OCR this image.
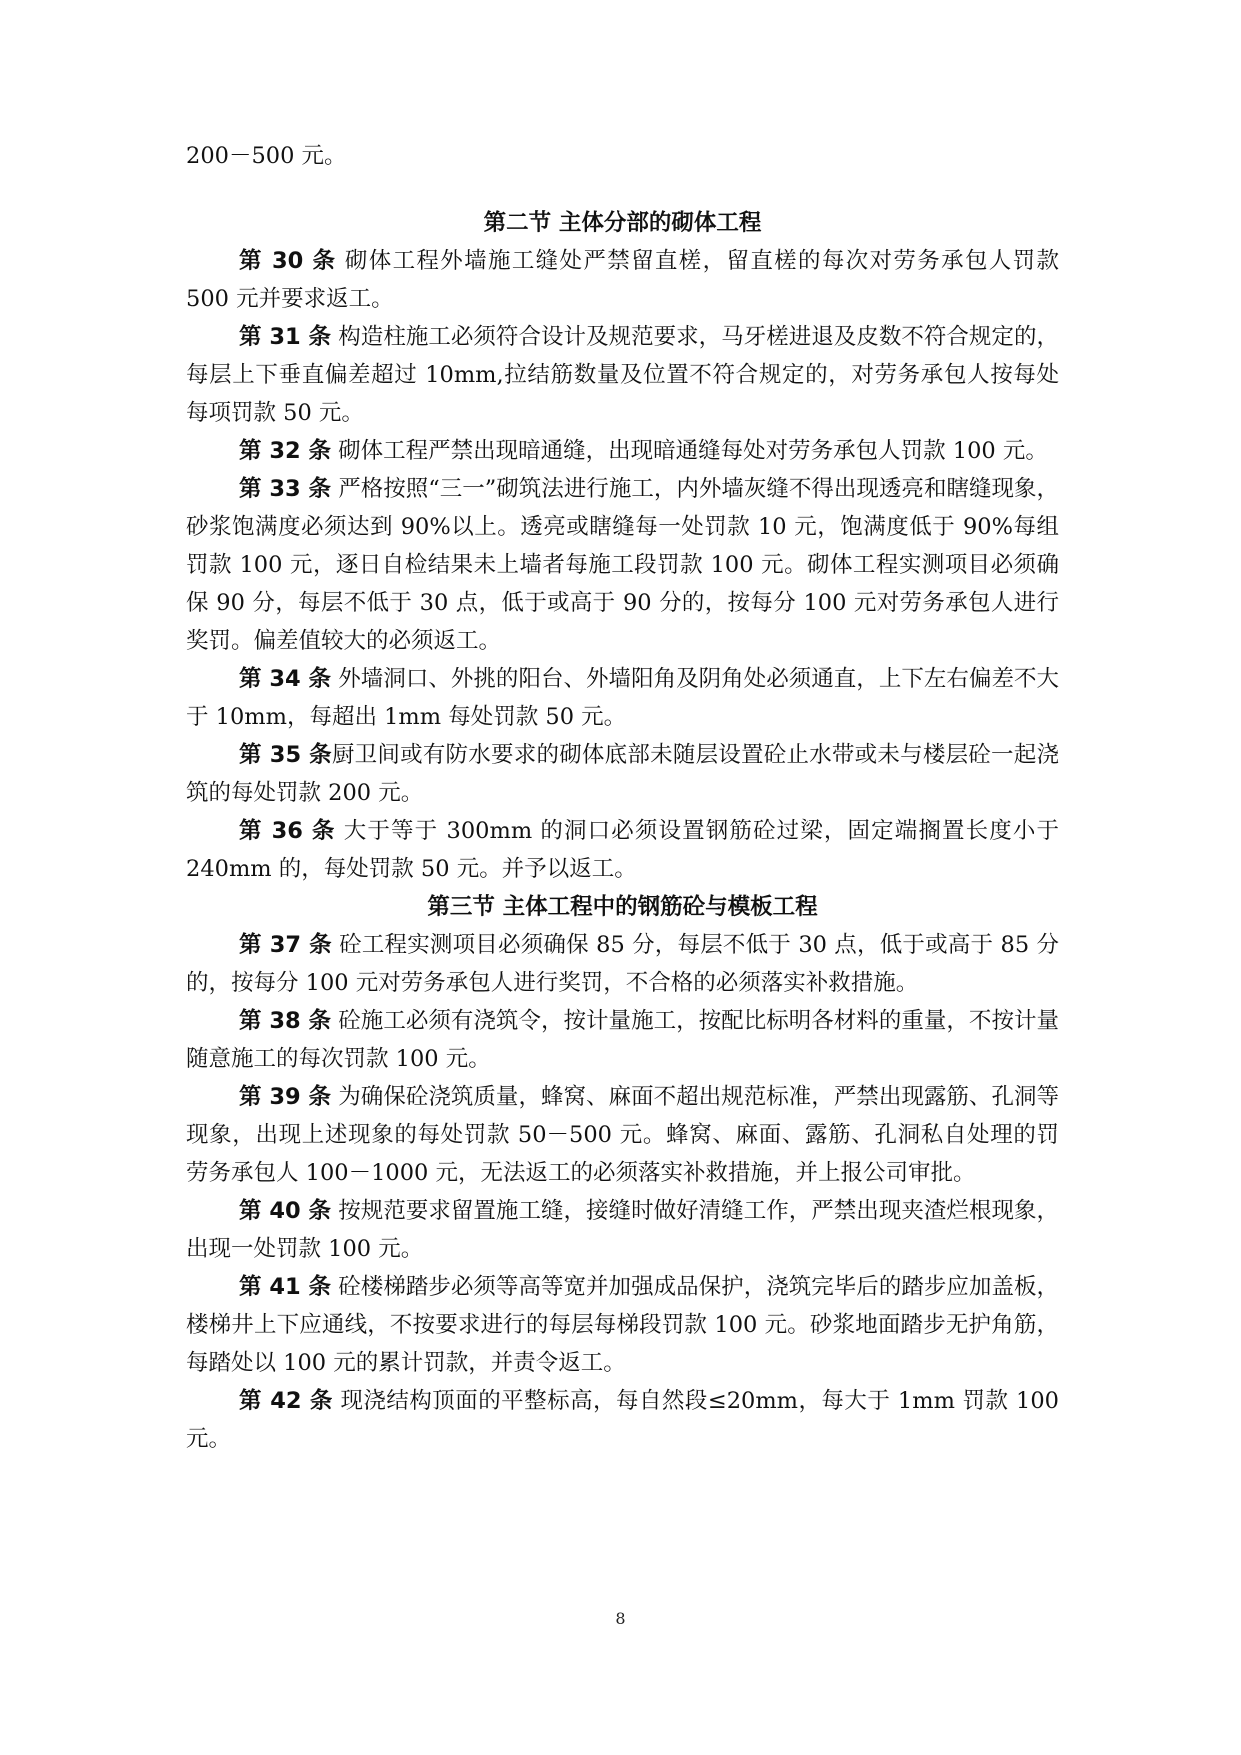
200－500 元。

第二节 主体分部的砌体工程

第 30 条 砌体工程外墙施工缝处严禁留直槎，留直槎的每次对劳务承包人罚款 500 元并要求返工。

第 31 条 构造柱施工必须符合设计及规范要求，马牙槎进退及皮数不符合规定的，每层上下垂直偏差超过 10mm,拉结筋数量及位置不符合规定的，对劳务承包人按每处每项罚款 50 元。

第 32 条 砌体工程严禁出现暗通缝，出现暗通缝每处对劳务承包人罚款 100 元。

第 33 条 严格按照“三一”砌筑法进行施工，内外墙灰缝不得出现透亮和瞎缝现象，砂浆饱满度必须达到 90%以上。透亮或瞎缝每一处罚款 10 元，饱满度低于 90%每组罚款 100 元，逐日自检结果未上墙者每施工段罚款 100 元。砌体工程实测项目必须确保 90 分，每层不低于 30 点，低于或高于 90 分的，按每分 100 元对劳务承包人进行奖罚。偏差值较大的必须返工。

第 34 条 外墙洞口、外挑的阳台、外墙阳角及阴角处必须通直，上下左右偏差不大于 10mm，每超出 1mm 每处罚款 50 元。

第 35 条厨卫间或有防水要求的砌体底部未随层设置砼止水带或未与楼层砼一起浇筑的每处罚款 200 元。

第 36 条 大于等于 300mm 的洞口必须设置钢筋砼过梁，固定端搁置长度小于 240mm 的，每处罚款 50 元。并予以返工。

第三节 主体工程中的钢筋砼与模板工程

第 37 条 砼工程实测项目必须确保 85 分，每层不低于 30 点，低于或高于 85 分的，按每分 100 元对劳务承包人进行奖罚，不合格的必须落实补救措施。

第 38 条 砼施工必须有浇筑令，按计量施工，按配比标明各材料的重量，不按计量随意施工的每次罚款 100 元。

第 39 条 为确保砼浇筑质量，蜂窝、麻面不超出规范标准，严禁出现露筋、孔洞等现象，出现上述现象的每处罚款 50－500 元。蜂窝、麻面、露筋、孔洞私自处理的罚劳务承包人 100－1000 元，无法返工的必须落实补救措施，并上报公司审批。

第 40 条 按规范要求留置施工缝，接缝时做好清缝工作，严禁出现夹渣烂根现象，出现一处罚款 100 元。

第 41 条 砼楼梯踏步必须等高等宽并加强成品保护，浇筑完毕后的踏步应加盖板，楼梯井上下应通线，不按要求进行的每层每梯段罚款 100 元。砂浆地面踏步无护角筋，每踏处以 100 元的累计罚款，并责令返工。

第 42 条 现浇结构顶面的平整标高，每自然段≤20mm，每大于 1mm 罚款 100 元。

8
